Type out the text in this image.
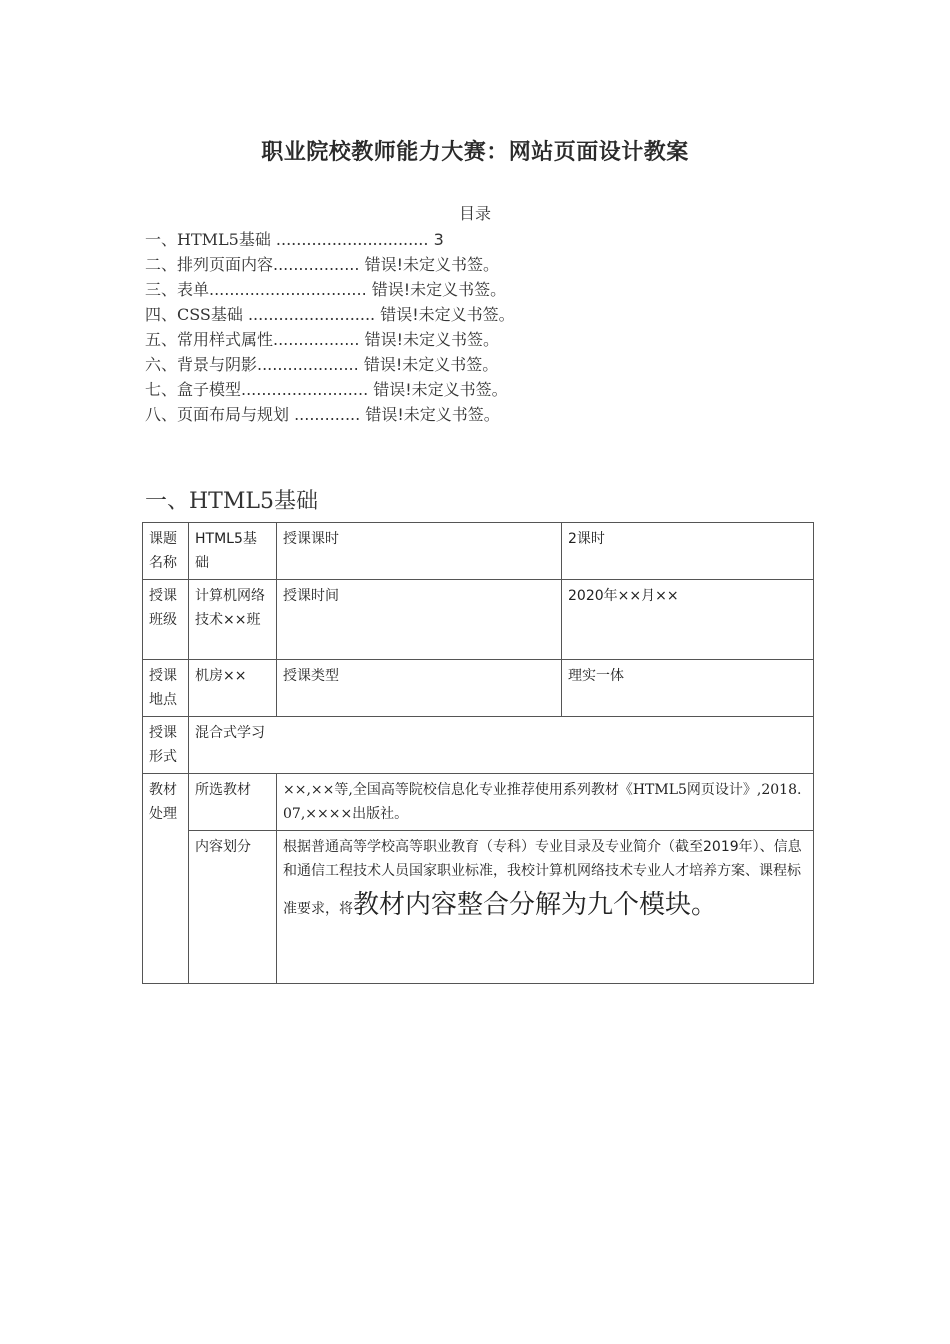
职业院校教师能力大赛：网站页面设计教案
目录
一、HTML5基础 .............................. 3
二、排列页面内容................. 错误!未定义书签。
三、表单............................... 错误!未定义书签。
四、CSS基础 ......................... 错误!未定义书签。
五、常用样式属性................. 错误!未定义书签。
六、背景与阴影.................... 错误!未定义书签。
七、盒子模型......................... 错误!未定义书签。
八、页面布局与规划 ............. 错误!未定义书签。
一、HTML5基础
课题名称	HTML5基础	授课课时	2课时
授课班级	计算机网络技术××班	授课时间	2020年××月××
授课地点	机房××	授课类型	理实一体
授课形式	混合式学习		
教材处理	所选教材	××,××等,全国高等院校信息化专业推荐使用系列教材《HTML5网页设计》,2018.07,××××出版社。	
	内容划分	根据普通高等学校高等职业教育（专科）专业目录及专业简介（截至2019年）、信息和通信工程技术人员国家职业标准，我校计算机网络技术专业人才培养方案、课程标准要求，将教材内容整合分解为九个模块。	
